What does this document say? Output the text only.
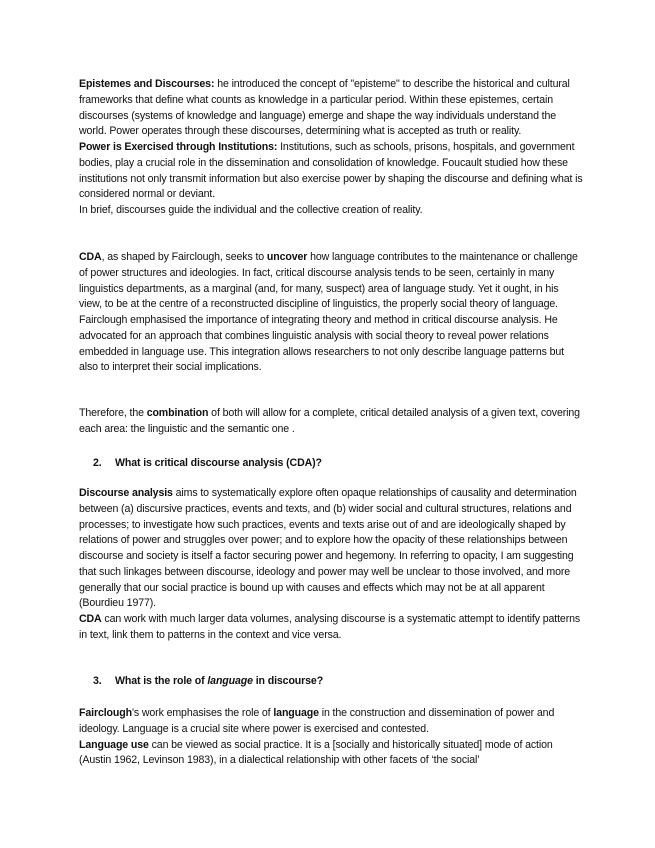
Epistemes and Discourses: he introduced the concept of "episteme" to describe the historical and cultural frameworks that define what counts as knowledge in a particular period. Within these epistemes, certain discourses (systems of knowledge and language) emerge and shape the way individuals understand the world. Power operates through these discourses, determining what is accepted as truth or reality.

Power is Exercised through Institutions: Institutions, such as schools, prisons, hospitals, and government bodies, play a crucial role in the dissemination and consolidation of knowledge. Foucault studied how these institutions not only transmit information but also exercise power by shaping the discourse and defining what is considered normal or deviant.

In brief, discourses guide the individual and the collective creation of reality.

CDA, as shaped by Fairclough, seeks to uncover how language contributes to the maintenance or challenge of power structures and ideologies. In fact, critical discourse analysis tends to be seen, certainly in many linguistics departments, as a marginal (and, for many, suspect) area of language study. Yet it ought, in his view, to be at the centre of a reconstructed discipline of linguistics, the properly social theory of language. Fairclough emphasised the importance of integrating theory and method in critical discourse analysis. He advocated for an approach that combines linguistic analysis with social theory to reveal power relations embedded in language use. This integration allows researchers to not only describe language patterns but also to interpret their social implications.

Therefore, the combination of both will allow for a complete, critical detailed analysis of a given text, covering each area: the linguistic and the semantic one .

2. What is critical discourse analysis (CDA)?

Discourse analysis aims to systematically explore often opaque relationships of causality and determination between (a) discursive practices, events and texts, and (b) wider social and cultural structures, relations and processes; to investigate how such practices, events and texts arise out of and are ideologically shaped by relations of power and struggles over power; and to explore how the opacity of these relationships between discourse and society is itself a factor securing power and hegemony. In referring to opacity, I am suggesting that such linkages between discourse, ideology and power may well be unclear to those involved, and more generally that our social practice is bound up with causes and effects which may not be at all apparent (Bourdieu 1977).

CDA can work with much larger data volumes, analysing discourse is a systematic attempt to identify patterns in text, link them to patterns in the context and vice versa.

3. What is the role of language in discourse?

Fairclough's work emphasises the role of language in the construction and dissemination of power and ideology. Language is a crucial site where power is exercised and contested.

Language use can be viewed as social practice. It is a [socially and historically situated] mode of action (Austin 1962, Levinson 1983), in a dialectical relationship with other facets of ‘the social’
